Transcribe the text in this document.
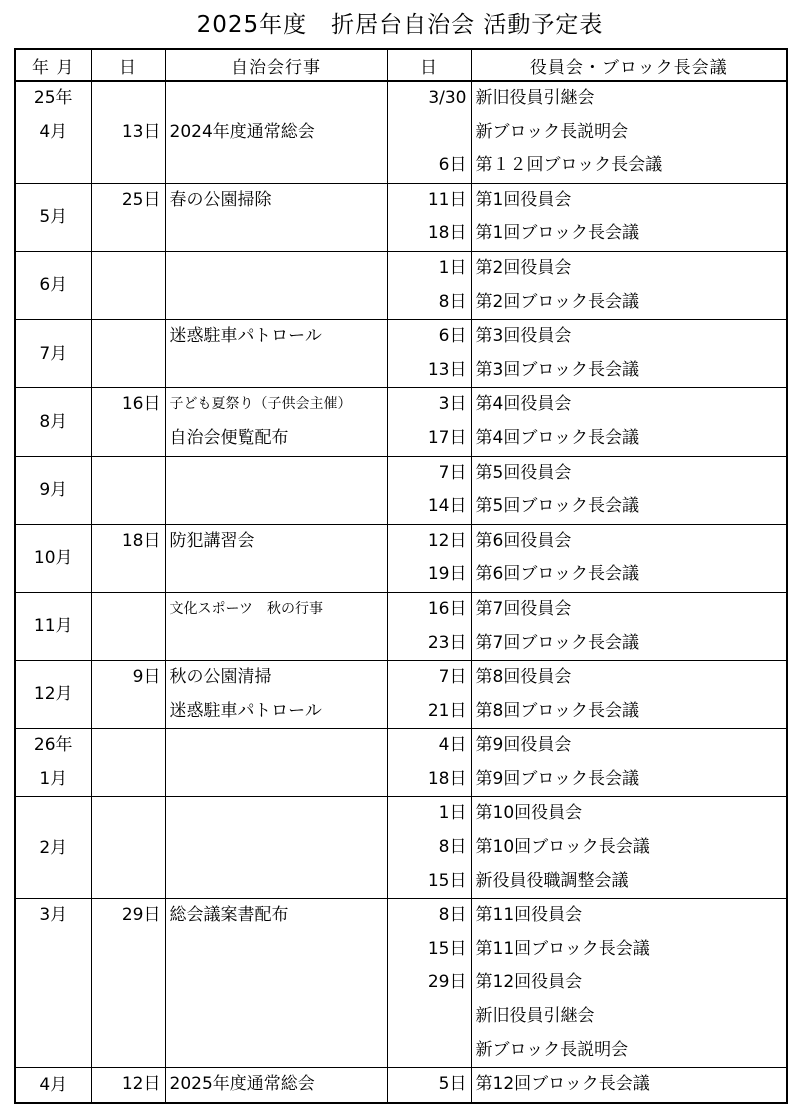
2025年度　折居台自治会 活動予定表
年 月	日	自治会行事	日	役員会・ブロック長会議

25年
4月			3/30	新旧役員引継会
	13日	2024年度通常総会		新ブロック長説明会
			6日	第１２回ブロック長会議
5月	25日	春の公園掃除	11日	第1回役員会
			18日	第1回ブロック長会議
6月			1日	第2回役員会
			8日	第2回ブロック長会議
7月		迷惑駐車パトロール	6日	第3回役員会
			13日	第3回ブロック長会議
8月	16日	子ども夏祭り（子供会主催）	3日	第4回役員会
		自治会便覧配布	17日	第4回ブロック長会議
9月			7日	第5回役員会
			14日	第5回ブロック長会議
10月	18日	防犯講習会	12日	第6回役員会
			19日	第6回ブロック長会議
11月		文化スポーツ　秋の行事	16日	第7回役員会
			23日	第7回ブロック長会議
12月	9日	秋の公園清掃	7日	第8回役員会
		迷惑駐車パトロール	21日	第8回ブロック長会議

26年
1月			4日	第9回役員会
			18日	第9回ブロック長会議
2月			1日	第10回役員会
			8日	第10回ブロック長会議
			15日	新役員役職調整会議
3月	29日	総会議案書配布	8日	第11回役員会
			15日	第11回ブロック長会議
			29日	第12回役員会
				新旧役員引継会
				新ブロック長説明会
4月	12日	2025年度通常総会	5日	第12回ブロック長会議
